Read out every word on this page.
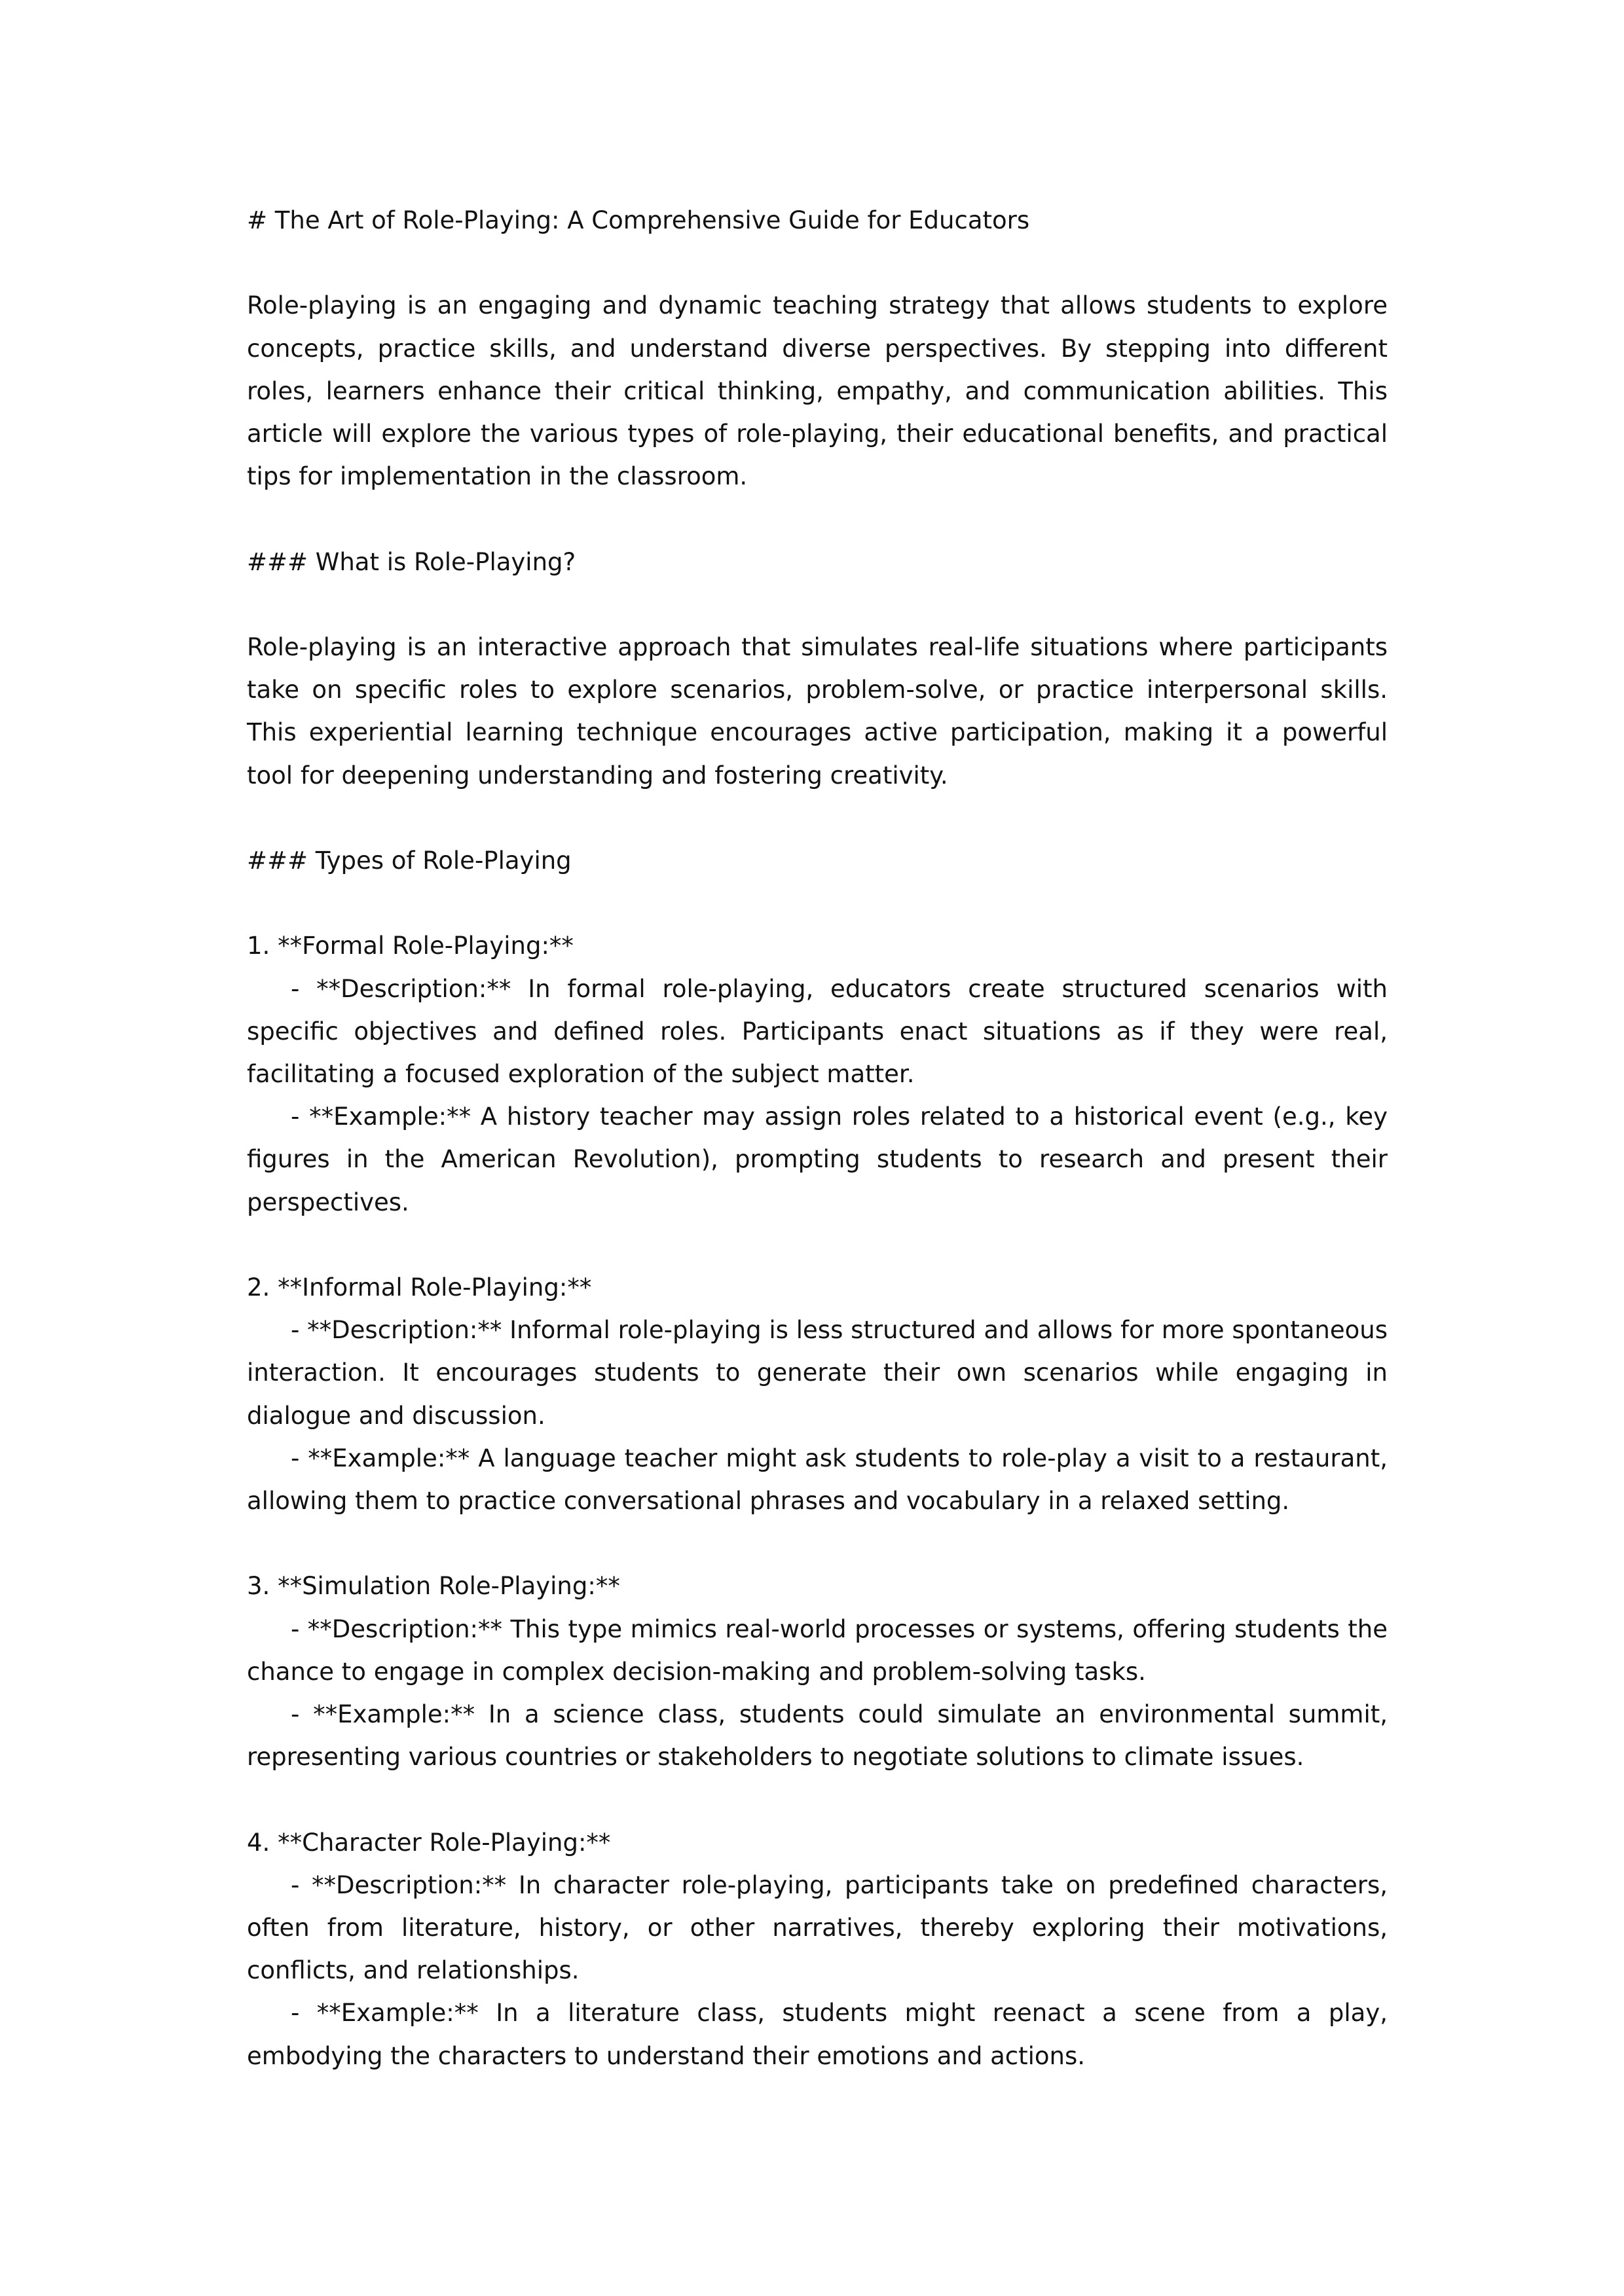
# The Art of Role-Playing: A Comprehensive Guide for Educators

Role-playing is an engaging and dynamic teaching strategy that allows students to explore concepts, practice skills, and understand diverse perspectives. By stepping into different roles, learners enhance their critical thinking, empathy, and communication abilities. This article will explore the various types of role-playing, their educational benefits, and practical tips for implementation in the classroom.

### What is Role-Playing?

Role-playing is an interactive approach that simulates real-life situations where participants take on specific roles to explore scenarios, problem-solve, or practice interpersonal skills. This experiential learning technique encourages active participation, making it a powerful tool for deepening understanding and fostering creativity.

### Types of Role-Playing

1. **Formal Role-Playing:**

- **Description:** In formal role-playing, educators create structured scenarios with specific objectives and defined roles. Participants enact situations as if they were real, facilitating a focused exploration of the subject matter.

- **Example:** A history teacher may assign roles related to a historical event (e.g., key figures in the American Revolution), prompting students to research and present their perspectives.

2. **Informal Role-Playing:**

- **Description:** Informal role-playing is less structured and allows for more spontaneous interaction. It encourages students to generate their own scenarios while engaging in dialogue and discussion.

- **Example:** A language teacher might ask students to role-play a visit to a restaurant, allowing them to practice conversational phrases and vocabulary in a relaxed setting.

3. **Simulation Role-Playing:**

- **Description:** This type mimics real-world processes or systems, offering students the chance to engage in complex decision-making and problem-solving tasks.

- **Example:** In a science class, students could simulate an environmental summit, representing various countries or stakeholders to negotiate solutions to climate issues.

4. **Character Role-Playing:**

- **Description:** In character role-playing, participants take on predefined characters, often from literature, history, or other narratives, thereby exploring their motivations, conflicts, and relationships.

- **Example:** In a literature class, students might reenact a scene from a play, embodying the characters to understand their emotions and actions.
